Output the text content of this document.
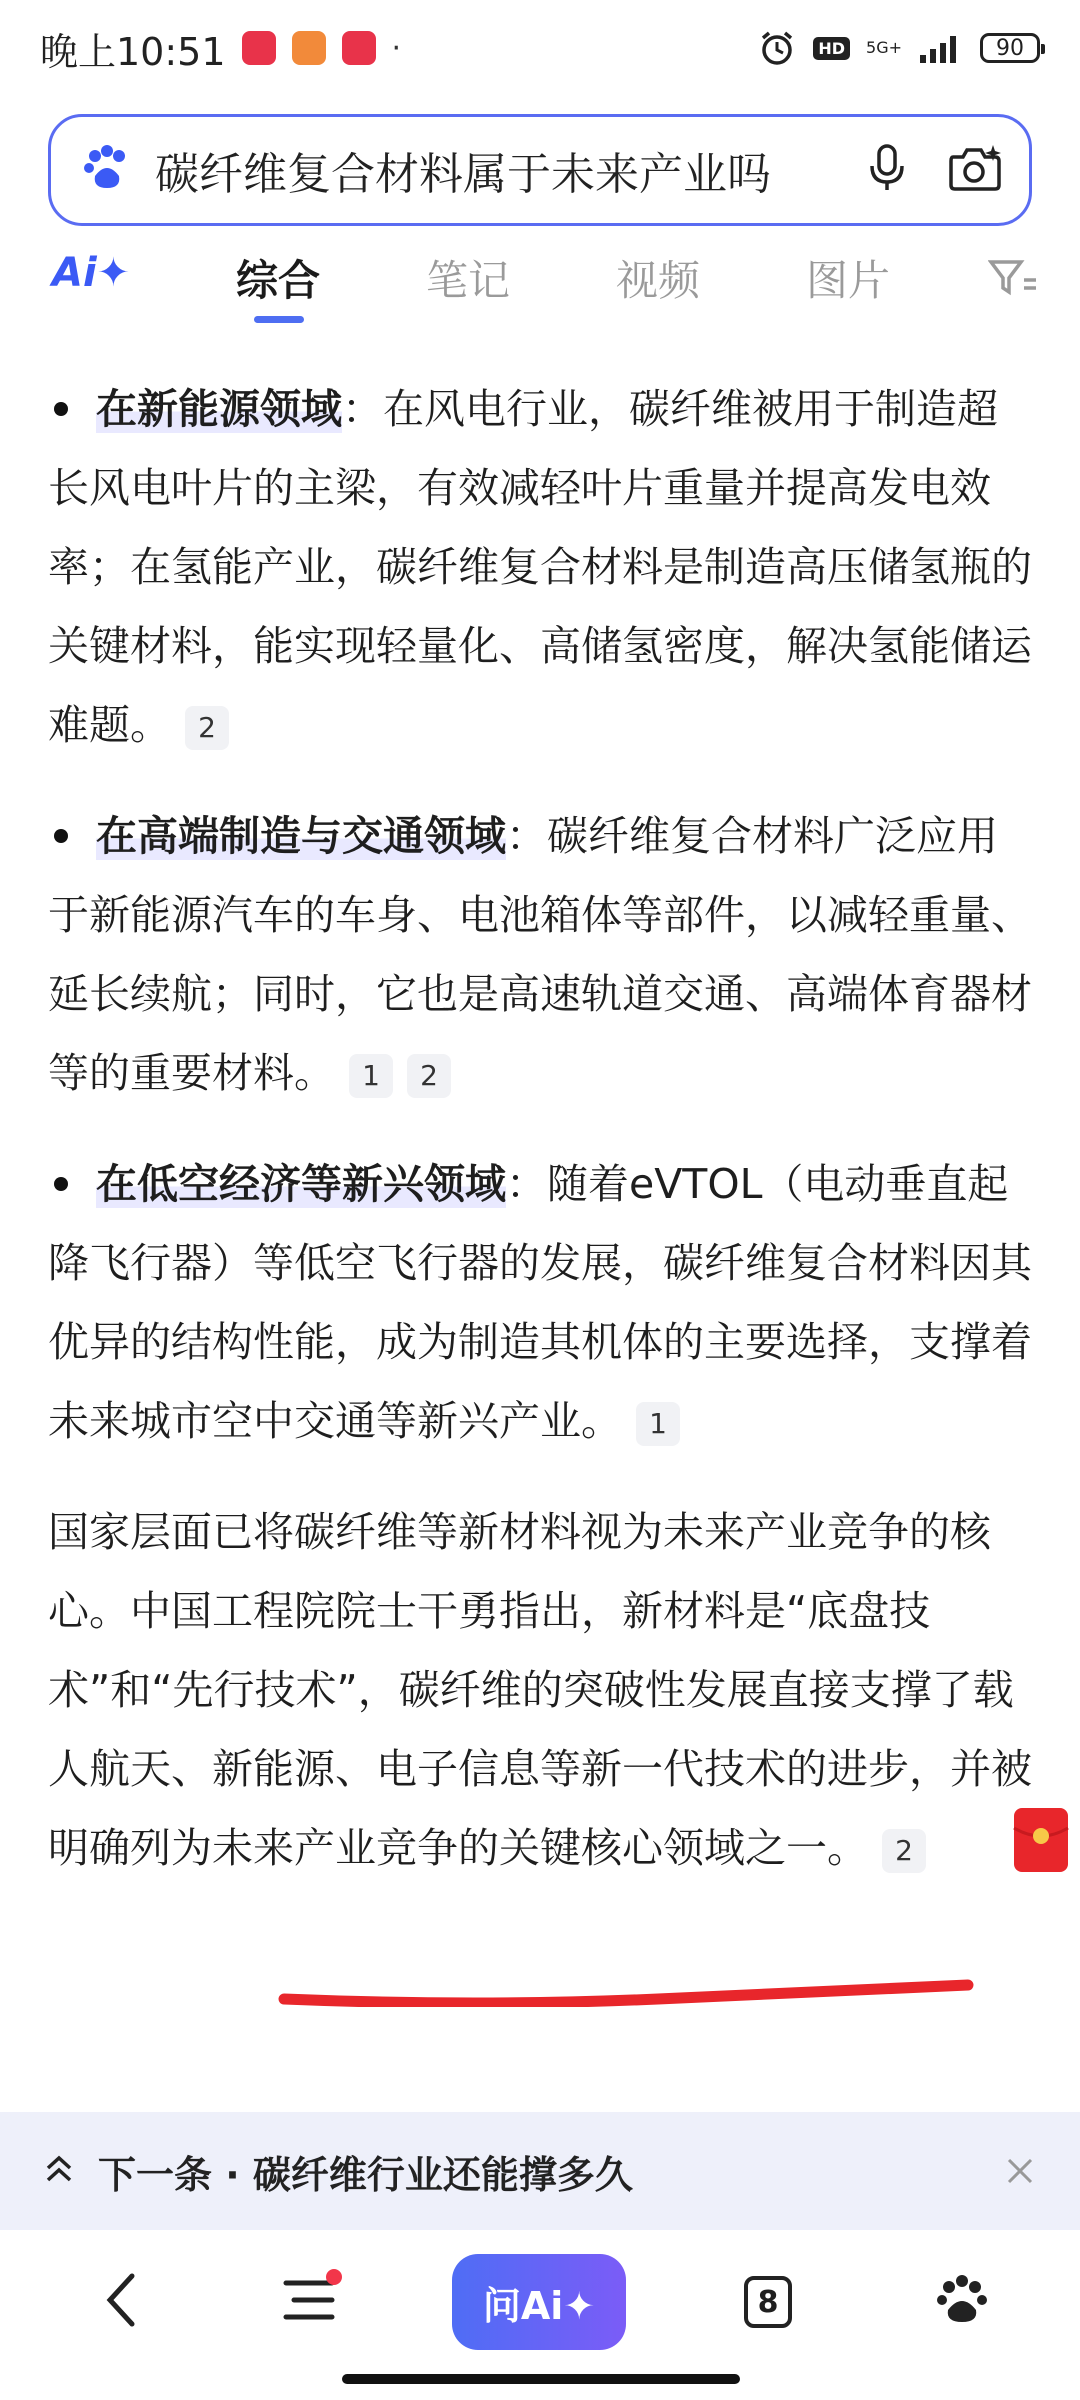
晚上10:51	·	HD	5G+	90
碳纤维复合材料属于未来产业吗
Ai✦	综合	笔记	视频	图片
在新能源领域：在风电行业，碳纤维被用于制造超长风电叶片的主梁，有效减轻叶片重量并提高发电效率；在氢能产业，碳纤维复合材料是制造高压储氢瓶的关键材料，能实现轻量化、高储氢密度，解决氢能储运难题。 2
在高端制造与交通领域：碳纤维复合材料广泛应用于新能源汽车的车身、电池箱体等部件，以减轻重量、延长续航；同时，它也是高速轨道交通、高端体育器材等的重要材料。 1 2
在低空经济等新兴领域：随着eVTOL（电动垂直起降飞行器）等低空飞行器的发展，碳纤维复合材料因其优异的结构性能，成为制造其机体的主要选择，支撑着未来城市空中交通等新兴产业。 1
国家层面已将碳纤维等新材料视为未来产业竞争的核心。中国工程院院士干勇指出，新材料是“底盘技术”和“先行技术”，碳纤维的突破性发展直接支撑了载人航天、新能源、电子信息等新一代技术的进步，并被明确列为未来产业竞争的关键核心领域之一。 2
下一条 · 碳纤维行业还能撑多久
问Ai✦	8
